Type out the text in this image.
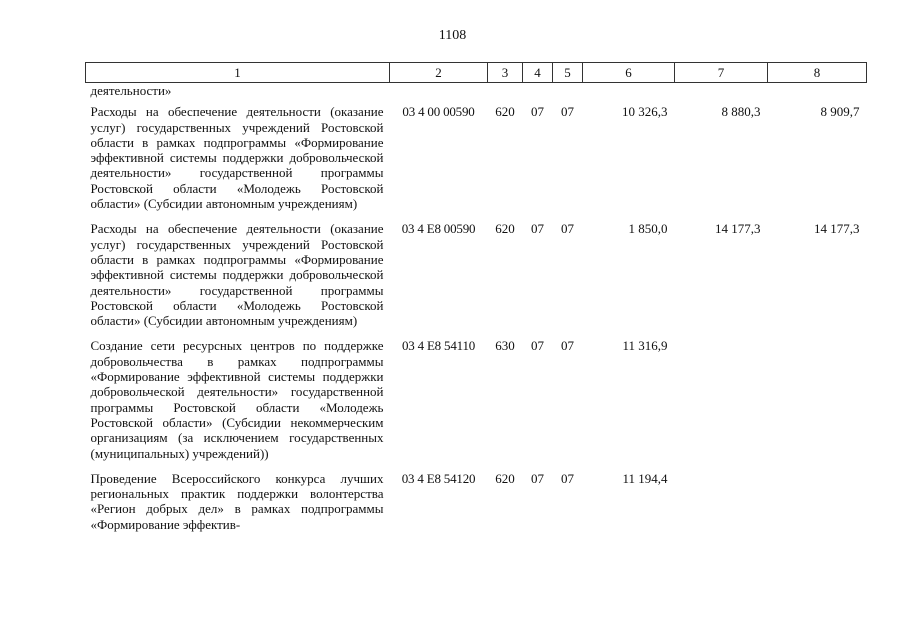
1108
1	2	3	4	5	6	7	8
деятельности»							
Расходы на обеспечение деятельности (оказание услуг) государственных учреждений Ростовской области в рамках подпрограммы «Формирование эффективной системы поддержки добровольческой деятельности» государственной программы Ростовской области «Молодежь Ростовской области» (Субсидии автономным учреждениям)	03 4 00 00590	620	07	07	10 326,3	8 880,3	8 909,7
Расходы на обеспечение деятельности (оказание услуг) государственных учреждений Ростовской области в рамках подпрограммы «Формирование эффективной системы поддержки добровольческой деятельности» государственной программы Ростовской области «Молодежь Ростовской области» (Субсидии автономным учреждениям)	03 4 E8 00590	620	07	07	1 850,0	14 177,3	14 177,3
Создание сети ресурсных центров по поддержке добровольчества в рамках подпрограммы «Формирование эффективной системы поддержки добровольческой деятельности» государственной программы Ростовской области «Молодежь Ростовской области» (Субсидии некоммерческим организациям (за исключением государственных (муниципальных) учреждений))	03 4 E8 54110	630	07	07	11 316,9		
Проведение Всероссийского конкурса лучших региональных практик поддержки волонтерства «Регион добрых дел» в рамках подпрограммы «Формирование эффектив-	03 4 E8 54120	620	07	07	11 194,4		
